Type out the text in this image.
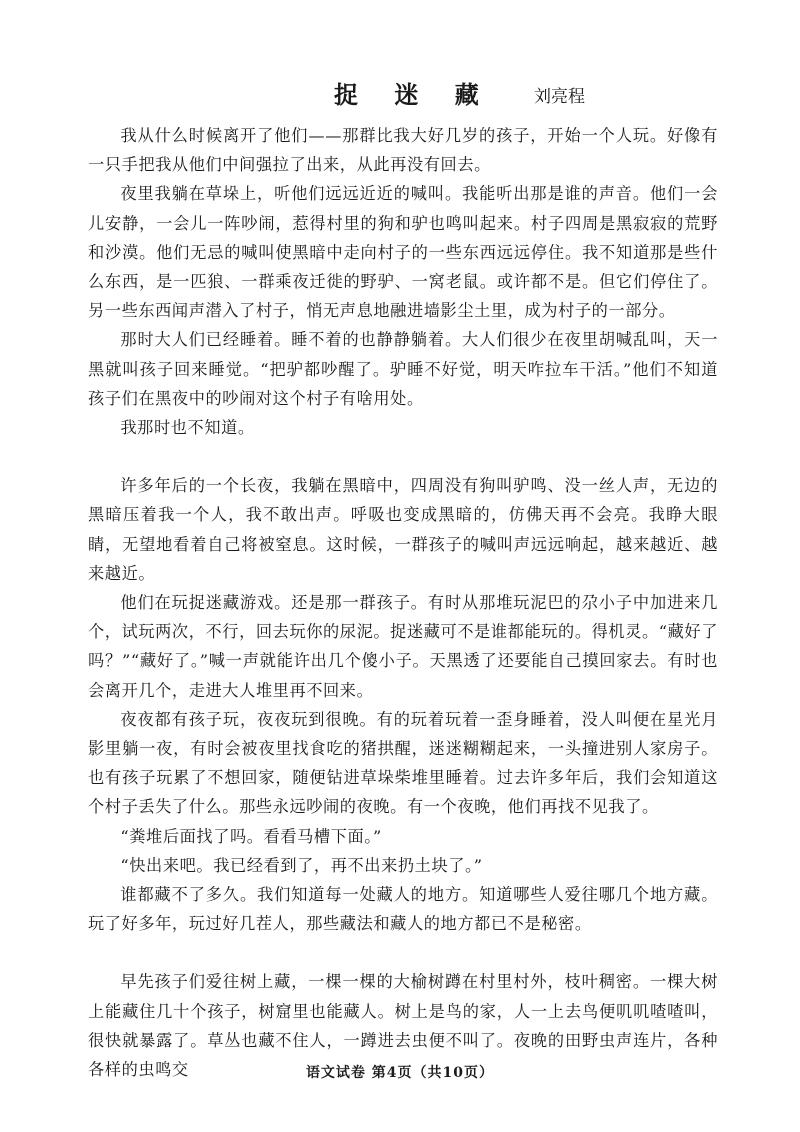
捉 迷 藏 刘亮程

我从什么时候离开了他们——那群比我大好几岁的孩子，开始一个人玩。好像有一只手把我从他们中间强拉了出来，从此再没有回去。

夜里我躺在草垛上，听他们远远近近的喊叫。我能听出那是谁的声音。他们一会儿安静，一会儿一阵吵闹，惹得村里的狗和驴也鸣叫起来。村子四周是黑寂寂的荒野和沙漠。他们无忌的喊叫使黑暗中走向村子的一些东西远远停住。我不知道那是些什么东西，是一匹狼、一群乘夜迁徙的野驴、一窝老鼠。或许都不是。但它们停住了。另一些东西闻声潜入了村子，悄无声息地融进墙影尘土里，成为村子的一部分。

那时大人们已经睡着。睡不着的也静静躺着。大人们很少在夜里胡喊乱叫，天一黑就叫孩子回来睡觉。“把驴都吵醒了。驴睡不好觉，明天咋拉车干活。”他们不知道孩子们在黑夜中的吵闹对这个村子有啥用处。

我那时也不知道。

许多年后的一个长夜，我躺在黑暗中，四周没有狗叫驴鸣、没一丝人声，无边的黑暗压着我一个人，我不敢出声。呼吸也变成黑暗的，仿佛天再不会亮。我睁大眼睛，无望地看着自己将被窒息。这时候，一群孩子的喊叫声远远响起，越来越近、越来越近。

他们在玩捉迷藏游戏。还是那一群孩子。有时从那堆玩泥巴的尕小子中加进来几个，试玩两次，不行，回去玩你的尿泥。捉迷藏可不是谁都能玩的。得机灵。“藏好了吗？”“藏好了。”喊一声就能许出几个傻小子。天黑透了还要能自己摸回家去。有时也会离开几个，走进大人堆里再不回来。

夜夜都有孩子玩，夜夜玩到很晚。有的玩着玩着一歪身睡着，没人叫便在星光月影里躺一夜，有时会被夜里找食吃的猪拱醒，迷迷糊糊起来，一头撞进别人家房子。也有孩子玩累了不想回家，随便钻进草垛柴堆里睡着。过去许多年后，我们会知道这个村子丢失了什么。那些永远吵闹的夜晚。有一个夜晚，他们再找不见我了。

“粪堆后面找了吗。看看马槽下面。”

“快出来吧。我已经看到了，再不出来扔土块了。”

谁都藏不了多久。我们知道每一处藏人的地方。知道哪些人爱往哪几个地方藏。玩了好多年，玩过好几茬人，那些藏法和藏人的地方都已不是秘密。

早先孩子们爱往树上藏，一棵一棵的大榆树蹲在村里村外，枝叶稠密。一棵大树上能藏住几十个孩子，树窟里也能藏人。树上是鸟的家，人一上去鸟便叽叽喳喳叫，很快就暴露了。草丛也藏不住人，一蹲进去虫便不叫了。夜晚的田野虫声连片，各种各样的虫鸣交	语文试卷 第4页（共10页）
